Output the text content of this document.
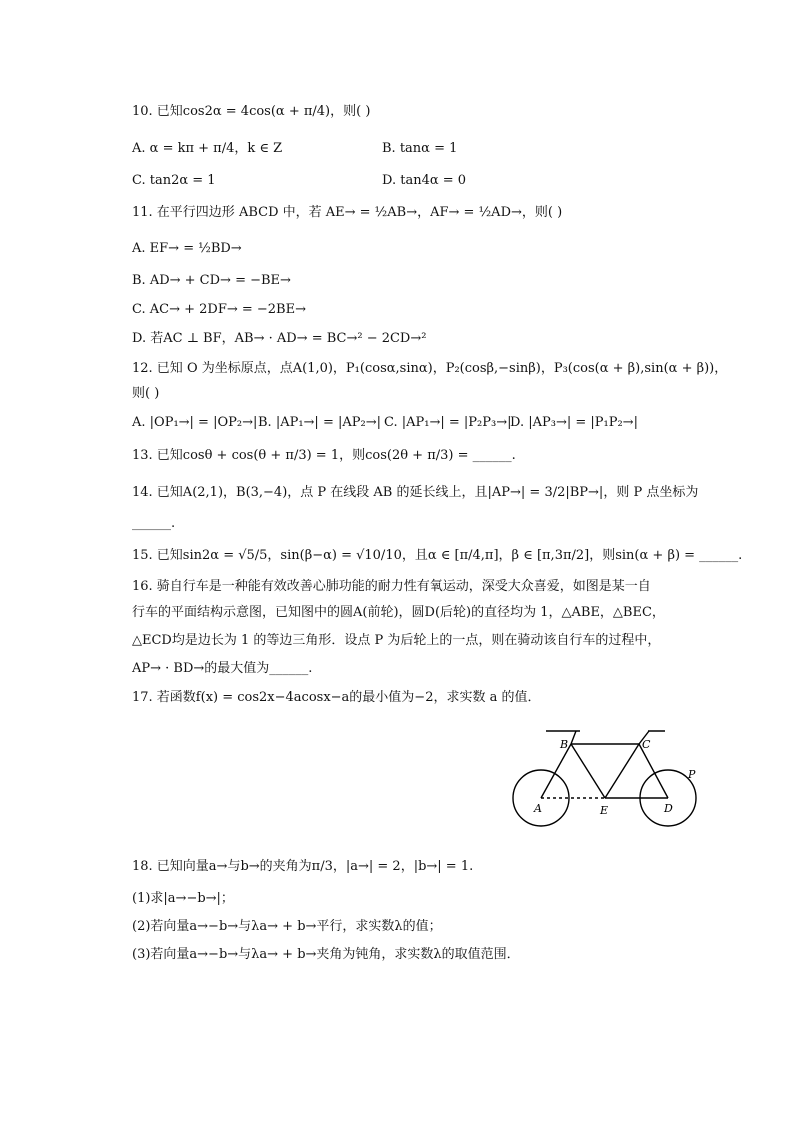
10. 已知cos2α = 4cos(α + π/4)，则( )
A. α = kπ + π/4，k ∈ Z	B. tanα = 1
C. tan2α = 1	D. tan4α = 0
11. 在平行四边形 ABCD 中，若 AE→ = ½AB→，AF→ = ½AD→，则( )
A. EF→ = ½BD→
B. AD→ + CD→ = −BE→
C. AC→ + 2DF→ = −2BE→
D. 若AC ⊥ BF，AB→ · AD→ = BC→² − 2CD→²
12. 已知 O 为坐标原点，点A(1,0)，P₁(cosα,sinα)，P₂(cosβ,−sinβ)，P₃(cos(α + β),sin(α + β))，
则( )
A. |OP₁→| = |OP₂→| B. |AP₁→| = |AP₂→| C. |AP₁→| = |P₂P₃→|
D. |AP₃→| = |P₁P₂→|
13. 已知cosθ + cos(θ + π/3) = 1，则cos(2θ + π/3) = ______.
14. 已知A(2,1)，B(3,−4)，点 P 在线段 AB 的延长线上，且|AP→| = 3/2|BP→|，则 P 点坐标为
______.
15. 已知sin2α = √5/5，sin(β−α) = √10/10，且α ∈ [π/4,π]，β ∈ [π,3π/2]，则sin(α + β) = ______.
16. 骑自行车是一种能有效改善心肺功能的耐力性有氧运动，深受大众喜爱，如图是某一自
行车的平面结构示意图，已知图中的圆A(前轮)，圆D(后轮)的直径均为 1，△ABE，△BEC，
△ECD均是边长为 1 的等边三角形．设点 P 为后轮上的一点，则在骑动该自行车的过程中，
AP→ · BD→的最大值为______.
17. 若函数f(x) = cos2x−4acosx−a的最小值为−2，求实数 a 的值．
B	C
A	E	D
P
18. 已知向量a→与b→的夹角为π/3，|a→| = 2，|b→| = 1.
(1)求|a→−b→|；
(2)若向量a→−b→与λa→ + b→平行，求实数λ的值；
(3)若向量a→−b→与λa→ + b→夹角为钝角，求实数λ的取值范围．
